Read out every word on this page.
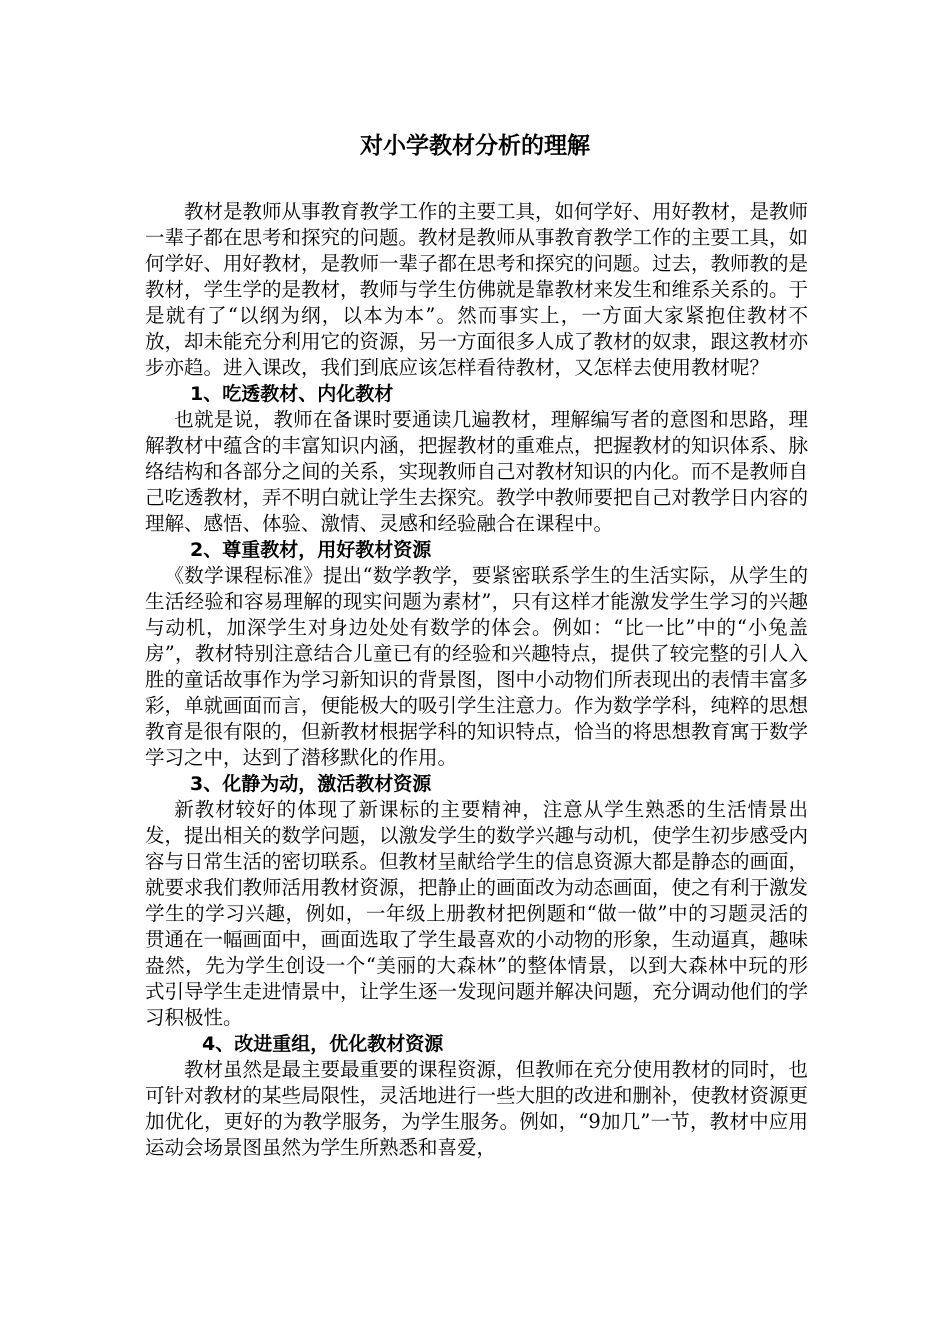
对小学教材分析的理解

教材是教师从事教育教学工作的主要工具，如何学好、用好教材，是教师一辈子都在思考和探究的问题。教材是教师从事教育教学工作的主要工具，如何学好、用好教材，是教师一辈子都在思考和探究的问题。过去，教师教的是教材，学生学的是教材，教师与学生仿佛就是靠教材来发生和维系关系的。于是就有了“以纲为纲，以本为本”。然而事实上，一方面大家紧抱住教材不放，却未能充分利用它的资源，另一方面很多人成了教材的奴隶，跟这教材亦步亦趋。进入课改，我们到底应该怎样看待教材，又怎样去使用教材呢？

1、吃透教材、内化教材

也就是说，教师在备课时要通读几遍教材，理解编写者的意图和思路，理解教材中蕴含的丰富知识内涵，把握教材的重难点，把握教材的知识体系、脉络结构和各部分之间的关系，实现教师自己对教材知识的内化。而不是教师自己吃透教材，弄不明白就让学生去探究。教学中教师要把自己对教学日内容的理解、感悟、体验、激情、灵感和经验融合在课程中。

2、尊重教材，用好教材资源

《数学课程标准》提出“数学教学，要紧密联系学生的生活实际，从学生的生活经验和容易理解的现实问题为素材”，只有这样才能激发学生学习的兴趣与动机，加深学生对身边处处有数学的体会。例如：“比一比”中的“小兔盖房”，教材特别注意结合儿童已有的经验和兴趣特点，提供了较完整的引人入胜的童话故事作为学习新知识的背景图，图中小动物们所表现出的表情丰富多彩，单就画面而言，便能极大的吸引学生注意力。作为数学学科，纯粹的思想教育是很有限的，但新教材根据学科的知识特点，恰当的将思想教育寓于数学学习之中，达到了潜移默化的作用。

3、化静为动，激活教材资源

新教材较好的体现了新课标的主要精神，注意从学生熟悉的生活情景出发，提出相关的数学问题，以激发学生的数学兴趣与动机，使学生初步感受内容与日常生活的密切联系。但教材呈献给学生的信息资源大都是静态的画面，就要求我们教师活用教材资源，把静止的画面改为动态画面，使之有利于激发学生的学习兴趣，例如，一年级上册教材把例题和“做一做”中的习题灵活的贯通在一幅画面中，画面选取了学生最喜欢的小动物的形象，生动逼真，趣味盎然，先为学生创设一个“美丽的大森林”的整体情景，以到大森林中玩的形式引导学生走进情景中，让学生逐一发现问题并解决问题，充分调动他们的学习积极性。

4、改进重组，优化教材资源

教材虽然是最主要最重要的课程资源，但教师在充分使用教材的同时，也可针对教材的某些局限性，灵活地进行一些大胆的改进和删补，使教材资源更加优化，更好的为教学服务，为学生服务。例如，“9加几”一节，教材中应用运动会场景图虽然为学生所熟悉和喜爱，
